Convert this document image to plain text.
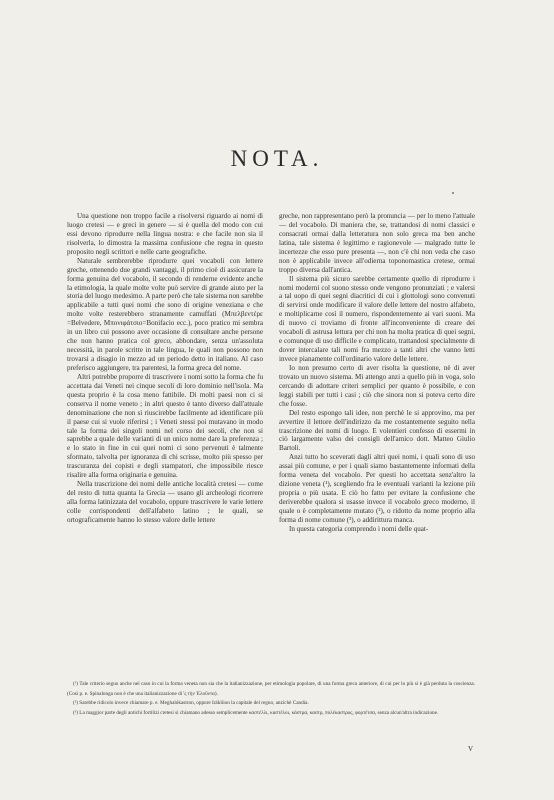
NOTA.

Una questione non troppo facile a risolversi riguardo ai nomi di luogo cretesi — e greci in genere — si è quella del modo con cui essi devono riprodurre nella lingua nostra: e che facile non sia il risolverla, lo dimostra la massima confusione che regna in questo proposito negli scrittori e nelle carte geografiche.

Naturale sembrerebbe riprodurre quei vocaboli con lettere greche, ottenendo due grandi vantaggi, il primo cioè di assicurare la forma genuina del vocabolo, il secondo di renderne evidente anche la etimologia, la quale molte volte può servire di grande aiuto per la storia del luogo medesimo. A parte però che tale sistema non sarebbe applicabile a tutti quei nomi che sono di origine veneziana e che molte volte resterebbero stranamente camuffati (Μπελβεντέρε =Belvedere, Μπονιφάτσιο=Bonifacio ecc.), poco pratico mi sembra in un libro cui possono aver occasione di consultare anche persone che non hanno pratica col greco, abbondare, senza un'assoluta necessità, in parole scritte in tale lingua, le quali non possono non trovarsi a disagio in mezzo ad un periodo detto in italiano. Al caso preferisco aggiungere, tra parentesi, la forma greca del nome.

Altri potrebbe proporre di trascrivere i nomi sotto la forma che fu accettata dai Veneti nei cinque secoli di loro dominio nell'isola. Ma questa proprio è la cosa meno fattibile. Di molti paesi non ci si conserva il nome veneto ; in altri questo è tanto diverso dall'attuale denominazione che non si riuscirebbe facilmente ad identificare più il paese cui si vuole riferirsi ; i Veneti stessi poi mutavano in modo tale la forma dei singoli nomi nel corso dei secoli, che non si saprebbe a quale delle varianti di un unico nome dare la preferenza ; e lo stato in fine in cui quei nomi ci sono pervenuti è talmente sformato, talvolta per ignoranza di chi scrisse, molto più spesso per trascuranza dei copisti e degli stampatori, che impossibile riesce risalire alla forma originaria e genuina.

Nella trascrizione dei nomi delle antiche località cretesi — come del resto di tutta quanta la Grecia — usano gli archeologi ricorrere alla forma latinizzata del vocabolo, oppure trascrivere le varie lettere colle corrispondenti dell'alfabeto latino ; le quali, se ortograficamente hanno lo stesso valore delle lettere

greche, non rappresentano però la pronuncia — per lo meno l'attuale — del vocabolo. Di maniera che, se, trattandosi di nomi classici e consacrati ormai dalla letteratura non solo greca ma ben anche latina, tale sistema è legittimo e ragionevole — malgrado tutte le incertezze che esso pure presenta —, non c'è chi non veda che caso non è applicabile invece all'odierna toponomastica cretese, ormai troppo diversa dall'antica.

Il sistema più sicuro sarebbe certamente quello di riprodurre i nomi moderni col suono stesso onde vengono pronunziati ; e valersi a tal uopo di quei segni diacritici di cui i glottologi sono convenuti di servirsi onde modificare il valore delle lettere del nostro alfabeto, e moltiplicarne così il numero, rispondentemente ai vari suoni. Ma di nuovo ci troviamo di fronte all'inconveniente di creare dei vocaboli di astrusa lettura per chi non ha molta pratica di quei segni, e comunque di uso difficile e complicato, trattandosi specialmente di dover intercalare tali nomi fra mezzo a tanti altri che vanno letti invece pianamente coll'ordinario valore delle lettere.

Io non presumo certo di aver risolta la questione, nè di aver trovato un nuovo sistema. Mi attengo anzi a quello più in voga, solo cercando di adottare criteri semplici per quanto è possibile, e con leggi stabili per tutti i casi ; ciò che sinora non si poteva certo dire che fosse.

Del resto espongo tali idee, non perchè le si approvino, ma per avvertire il lettore dell'indirizzo da me costantemente seguito nella trascrizione dei nomi di luogo. E volentieri confesso di essermi in ciò largamente valso dei consigli dell'amico dott. Matteo Giulio Bartoli.

Anzi tutto ho sceverati dagli altri quei nomi, i quali sono di uso assai più comune, e per i quali siamo bastantemente informati della forma veneta del vocabolo. Per questi ho accettata senz'altro la dizione veneta (¹), scegliendo fra le eventuali varianti la lezione più propria o più usata. E ciò ho fatto per evitare la confusione che deriverebbe qualora si usasse invece il vocabolo greco moderno, il quale o è completamente mutato (²), o ridotto da nome proprio alla forma di nome comune (³), o addirittura manca.

In questa categoria comprendo i nomi delle quat-

(¹) Tale criterio seguo anche nel caso in cui la forma veneta non sia che la italianizzazione, per etimologia popolare, di una forma greca anteriore, di cui per lo più si è già perduta la coscienza. (Così p. e. Spinalonga non è che una italianizzazione di 'ς τὴν Ἐλοῦντα).

(²) Sarebbe ridicolo invece chiamare p. e. Meghalókastron, oppure Irákliion la capitale del regno, anzichè Candia.

(³) La maggior parte degli antichi fortilizi cretesi si chiamano adesso semplicemente καστέλλι, καστέλοι, κάστρα, καστρ, πολέκαστρος, φορτέτσα, senza alcun'altra indicazione.

V
